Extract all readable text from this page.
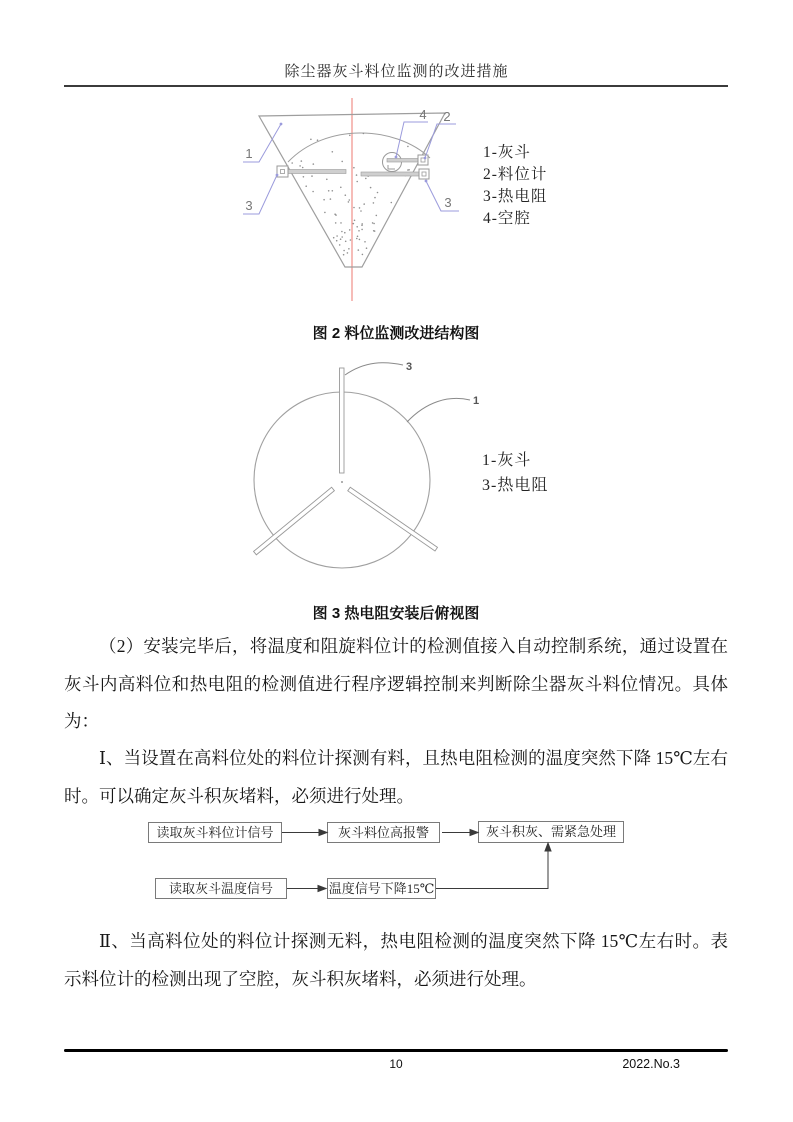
除尘器灰斗料位监测的改进措施
1
3
4 2
3
1-灰斗
2-料位计
3-热电阻
4-空腔
图 2 料位监测改进结构图
3
1
1-灰斗
3-热电阻
图 3 热电阻安装后俯视图
（2）安装完毕后，将温度和阻旋料位计的检测值接入自动控制系统，通过设置在灰斗内高料位和热电阻的检测值进行程序逻辑控制来判断除尘器灰斗料位情况。具体为：
Ⅰ、当设置在高料位处的料位计探测有料，且热电阻检测的温度突然下降 15℃左右时。可以确定灰斗积灰堵料，必须进行处理。
Ⅱ、当高料位处的料位计探测无料，热电阻检测的温度突然下降 15℃左右时。表示料位计的检测出现了空腔，灰斗积灰堵料，必须进行处理。
读取灰斗料位计信号	灰斗料位高报警	灰斗积灰、需紧急处理
读取灰斗温度信号	温度信号下降15℃
10	2022.No.3
